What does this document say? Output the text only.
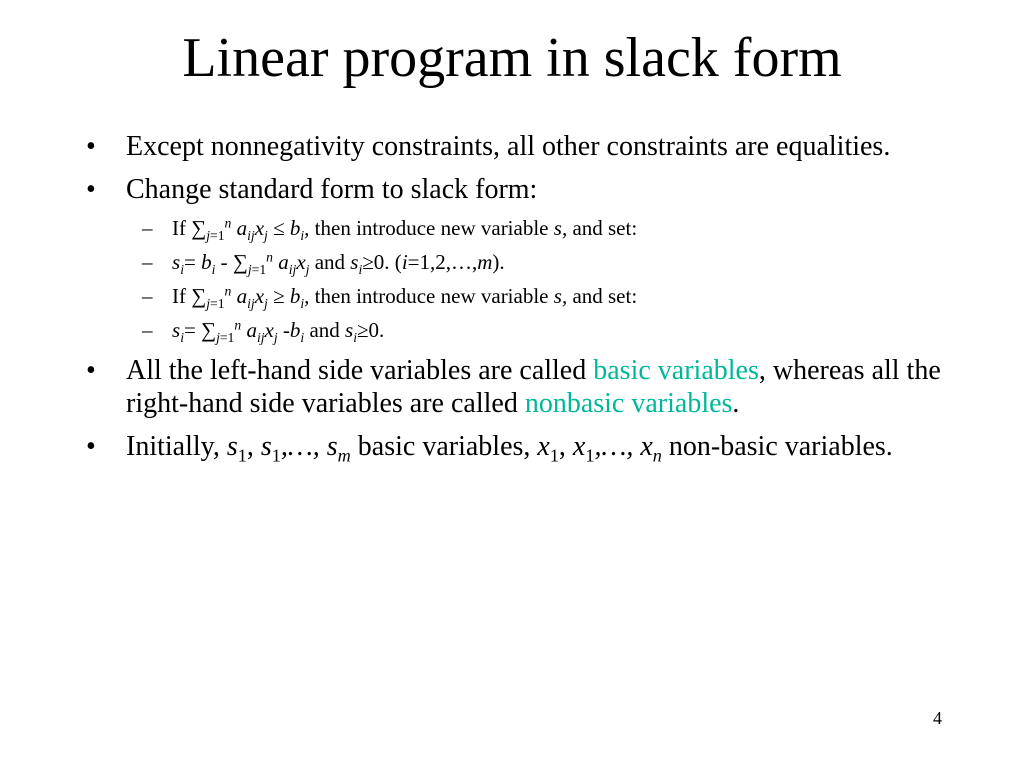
Linear program in slack form
• Except nonnegativity constraints, all other constraints are equalities.
• Change standard form to slack form:
– If $\sum_{j=1}^n$ $a_{ij}x_j \le b_i$, then introduce new variable s, and set:
– $s_i= b_i - \sum_{j=1}^n$ $a_{ij}x_j$ and $s_i\ge 0$. (i=1,2,…,m).
– If $\sum_{j=1}^n$ $a_{ij}x_j \ge b_i$, then introduce new variable s, and set:
– $s_i= \sum_{j=1}^n$ $a_{ij}x_j$ $-b_i$ and $s_i\ge 0$.
• All the left-hand side variables are called basic variables, whereas all the right-hand side variables are called nonbasic variables.
• Initially, $s_1$, $s_1,\dots$, $s_m$ basic variables, $x_1$, $x_1,\dots$, $x_n$ non-basic variables.
4
